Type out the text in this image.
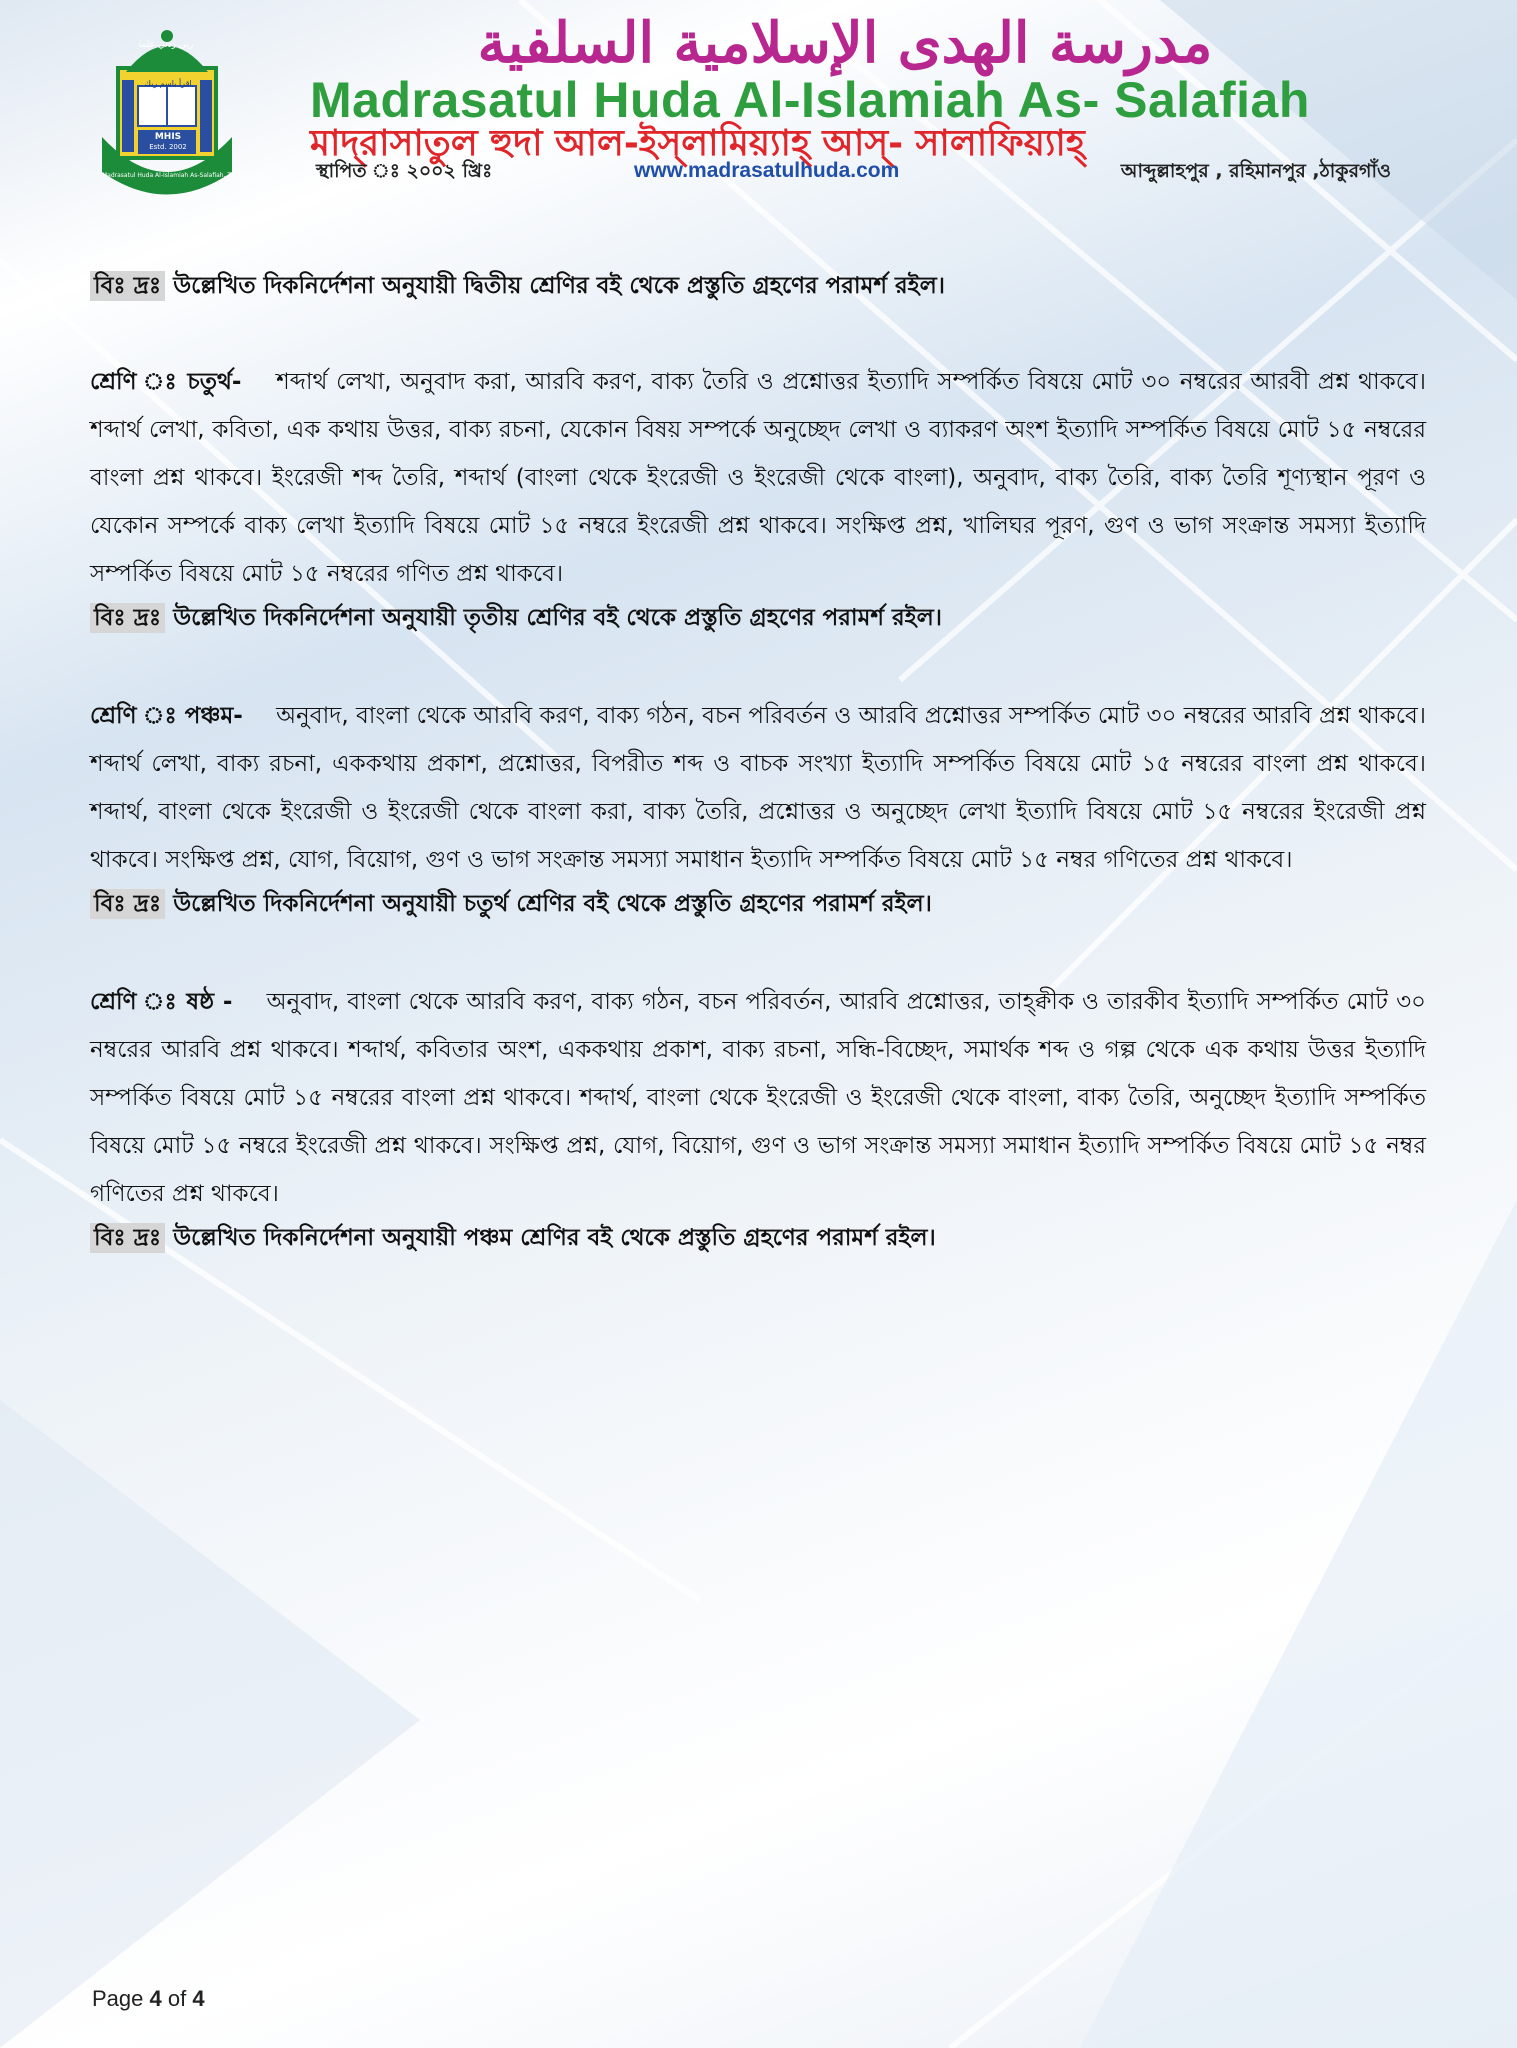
ربي زدني علما
اقرأ باسم ربك
MHIS
Estd. 2002
Madrasatul Huda Al-Islamiah As-Salafiah, Thakurgaon
مدرسة الهدى الإسلامية السلفية
Madrasatul Huda Al-Islamiah As- Salafiah
মাদ্‌রাসাতুল হুদা আল-ইস্‌লামিয়্যাহ্‌ আস্‌- সালাফিয়্যাহ্‌
স্থাপিত ঃ ২০০২ খ্রিঃ	www.madrasatulhuda.com	আব্দুল্লাহপুর , রহিমানপুর ,ঠাকুরগাঁও

বিঃ দ্রঃ উল্লেখিত দিকনির্দেশনা অনুযায়ী দ্বিতীয় শ্রেণির বই থেকে প্রস্তুতি গ্রহণের পরামর্শ রইল।

শ্রেণি ঃ চতুর্থ- শব্দার্থ লেখা, অনুবাদ করা, আরবি করণ, বাক্য তৈরি ও প্রশ্নোত্তর ইত্যাদি সম্পর্কিত বিষয়ে মোট ৩০ নম্বরের আরবী প্রশ্ন থাকবে। শব্দার্থ লেখা, কবিতা, এক কথায় উত্তর, বাক্য রচনা, যেকোন বিষয় সম্পর্কে অনুচ্ছেদ লেখা ও ব্যাকরণ অংশ ইত্যাদি সম্পর্কিত বিষয়ে মোট ১৫ নম্বরের বাংলা প্রশ্ন থাকবে। ইংরেজী শব্দ তৈরি, শব্দার্থ (বাংলা থেকে ইংরেজী ও ইংরেজী থেকে বাংলা), অনুবাদ, বাক্য তৈরি, বাক্য তৈরি শূণ্যস্থান পূরণ ও যেকোন সম্পর্কে বাক্য লেখা ইত্যাদি বিষয়ে মোট ১৫ নম্বরে ইংরেজী প্রশ্ন থাকবে। সংক্ষিপ্ত প্রশ্ন, খালিঘর পূরণ, গুণ ও ভাগ সংক্রান্ত সমস্যা ইত্যাদি সম্পর্কিত বিষয়ে মোট ১৫ নম্বরের গণিত প্রশ্ন থাকবে।

বিঃ দ্রঃ উল্লেখিত দিকনির্দেশনা অনুযায়ী তৃতীয় শ্রেণির বই থেকে প্রস্তুতি গ্রহণের পরামর্শ রইল।

শ্রেণি ঃ পঞ্চম- অনুবাদ, বাংলা থেকে আরবি করণ, বাক্য গঠন, বচন পরিবর্তন ও আরবি প্রশ্নোত্তর সম্পর্কিত মোট ৩০ নম্বরের আরবি প্রশ্ন থাকবে। শব্দার্থ লেখা, বাক্য রচনা, এককথায় প্রকাশ, প্রশ্নোত্তর, বিপরীত শব্দ ও বাচক সংখ্যা ইত্যাদি সম্পর্কিত বিষয়ে মোট ১৫ নম্বরের বাংলা প্রশ্ন থাকবে। শব্দার্থ, বাংলা থেকে ইংরেজী ও ইংরেজী থেকে বাংলা করা, বাক্য তৈরি, প্রশ্নোত্তর ও অনুচ্ছেদ লেখা ইত্যাদি বিষয়ে মোট ১৫ নম্বরের ইংরেজী প্রশ্ন থাকবে। সংক্ষিপ্ত প্রশ্ন, যোগ, বিয়োগ, গুণ ও ভাগ সংক্রান্ত সমস্যা সমাধান ইত্যাদি সম্পর্কিত বিষয়ে মোট ১৫ নম্বর গণিতের প্রশ্ন থাকবে।

বিঃ দ্রঃ উল্লেখিত দিকনির্দেশনা অনুযায়ী চতুর্থ শ্রেণির বই থেকে প্রস্তুতি গ্রহণের পরামর্শ রইল।

শ্রেণি ঃ ষষ্ঠ - অনুবাদ, বাংলা থেকে আরবি করণ, বাক্য গঠন, বচন পরিবর্তন, আরবি প্রশ্নোত্তর, তাহ্‌ক্বীক ও তারকীব ইত্যাদি সম্পর্কিত মোট ৩০ নম্বরের আরবি প্রশ্ন থাকবে। শব্দার্থ, কবিতার অংশ, এককথায় প্রকাশ, বাক্য রচনা, সন্ধি-বিচ্ছেদ, সমার্থক শব্দ ও গল্প থেকে এক কথায় উত্তর ইত্যাদি সম্পর্কিত বিষয়ে মোট ১৫ নম্বরের বাংলা প্রশ্ন থাকবে। শব্দার্থ, বাংলা থেকে ইংরেজী ও ইংরেজী থেকে বাংলা, বাক্য তৈরি, অনুচ্ছেদ ইত্যাদি সম্পর্কিত বিষয়ে মোট ১৫ নম্বরে ইংরেজী প্রশ্ন থাকবে। সংক্ষিপ্ত প্রশ্ন, যোগ, বিয়োগ, গুণ ও ভাগ সংক্রান্ত সমস্যা সমাধান ইত্যাদি সম্পর্কিত বিষয়ে মোট ১৫ নম্বর গণিতের প্রশ্ন থাকবে।

বিঃ দ্রঃ উল্লেখিত দিকনির্দেশনা অনুযায়ী পঞ্চম শ্রেণির বই থেকে প্রস্তুতি গ্রহণের পরামর্শ রইল।

Page 4 of 4
